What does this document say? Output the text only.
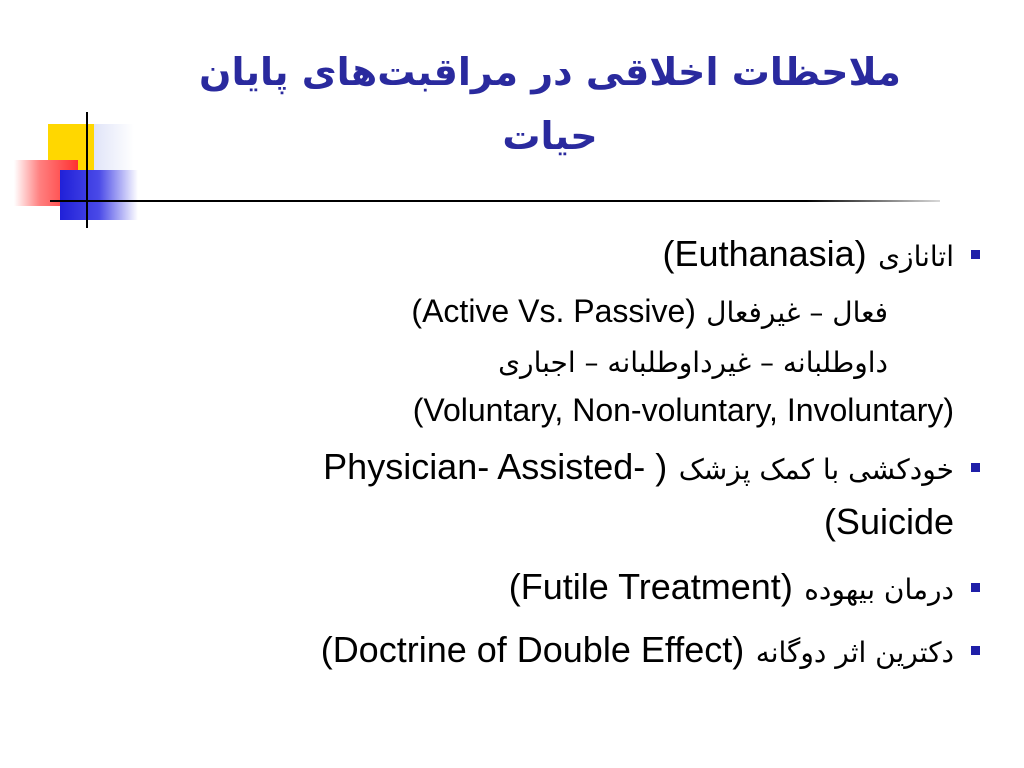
ملاحظات اخلاقی در مراقبت‌های پایان حیات
اتانازی (Euthanasia)
فعال – غیرفعال (Active Vs. Passive)
داوطلبانه – غیرداوطلبانه – اجباری
(Voluntary, Non-voluntary, Involuntary)
خودکشی با کمک پزشک ( -Physician- Assisted
(Suicide
درمان بیهوده (Futile Treatment)
دکترین اثر دوگانه (Doctrine of Double Effect)
